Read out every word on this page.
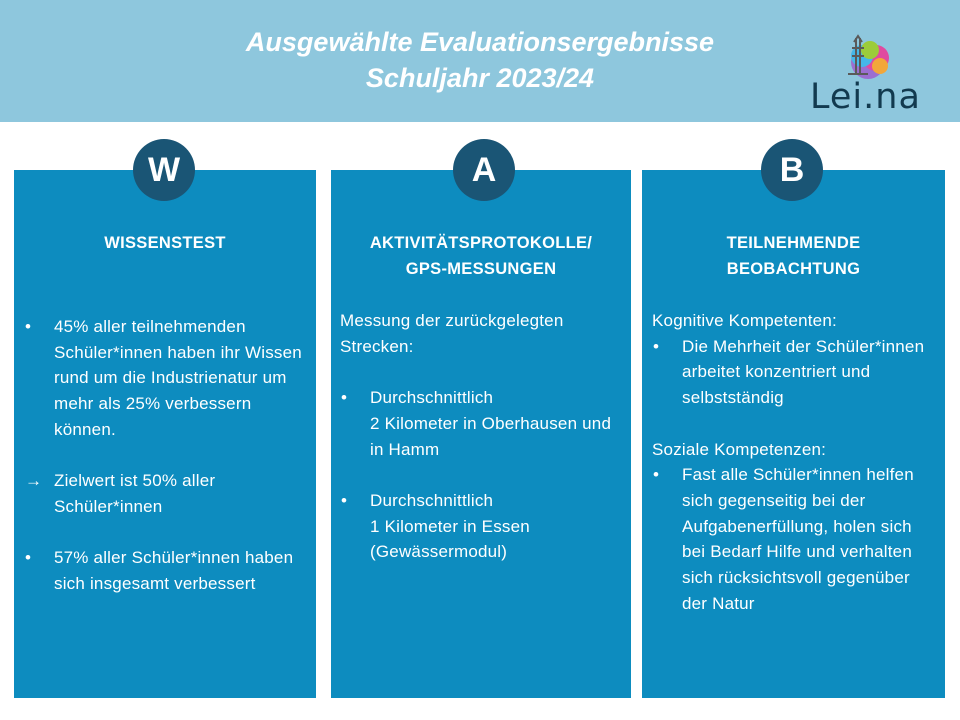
Ausgewählte Evaluationsergebnisse
Schuljahr 2023/24	Lei.na
WISSENSTEST
• 45% aller teilnehmenden Schüler*innen haben ihr Wissen rund um die Industrienatur um mehr als 25% verbessern können.
→ Zielwert ist 50% aller Schüler*innen
• 57% aller Schüler*innen haben sich insgesamt verbessert
W
AKTIVITÄTSPROTOKOLLE/
GPS-MESSUNGEN
Messung der zurückgelegten Strecken:
• Durchschnittlich
2 Kilometer in Oberhausen und in Hamm
• Durchschnittlich
1 Kilometer in Essen (Gewässermodul)
A
TEILNEHMENDE
BEOBACHTUNG
Kognitive Kompetenten:
• Die Mehrheit der Schüler*innen arbeitet konzentriert und selbstständig
Soziale Kompetenzen:
• Fast alle Schüler*innen helfen sich gegenseitig bei der Aufgabenerfüllung, holen sich bei Bedarf Hilfe und verhalten sich rücksichtsvoll gegenüber der Natur
B
